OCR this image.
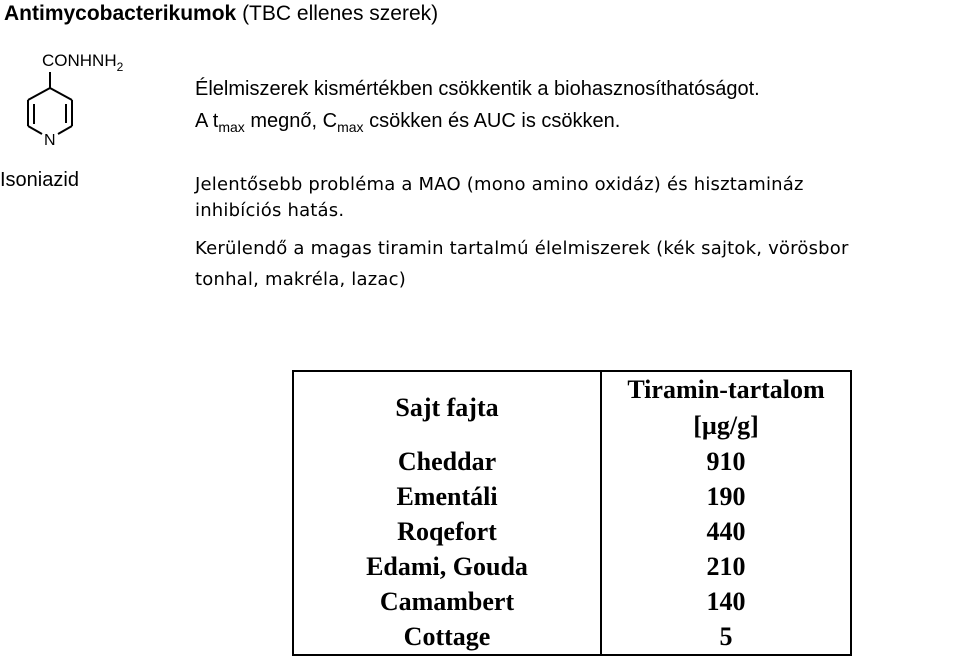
Antimycobacterikumok (TBC ellenes szerek)
$CONHNH_2$
N
Isoniazid
Élelmiszerek kismértékben csökkentik a biohasznosíthatóságot.
A $t_{max}$ megnő, $C_{max}$ csökken és AUC is csökken.
Jelentősebb probléma a MAO (mono amino oxidáz) és hisztamináz
inhibíciós hatás.
Kerülendő a magas tiramin tartalmú élelmiszerek (kék sajtok, vörösbor
tonhal, makréla, lazac)
Sajt fajta	Tiramin-tartalom
[µg/g]

Cheddar	910
Ementáli	190
Roqefort	440
Edami, Gouda	210
Camambert	140
Cottage	5
